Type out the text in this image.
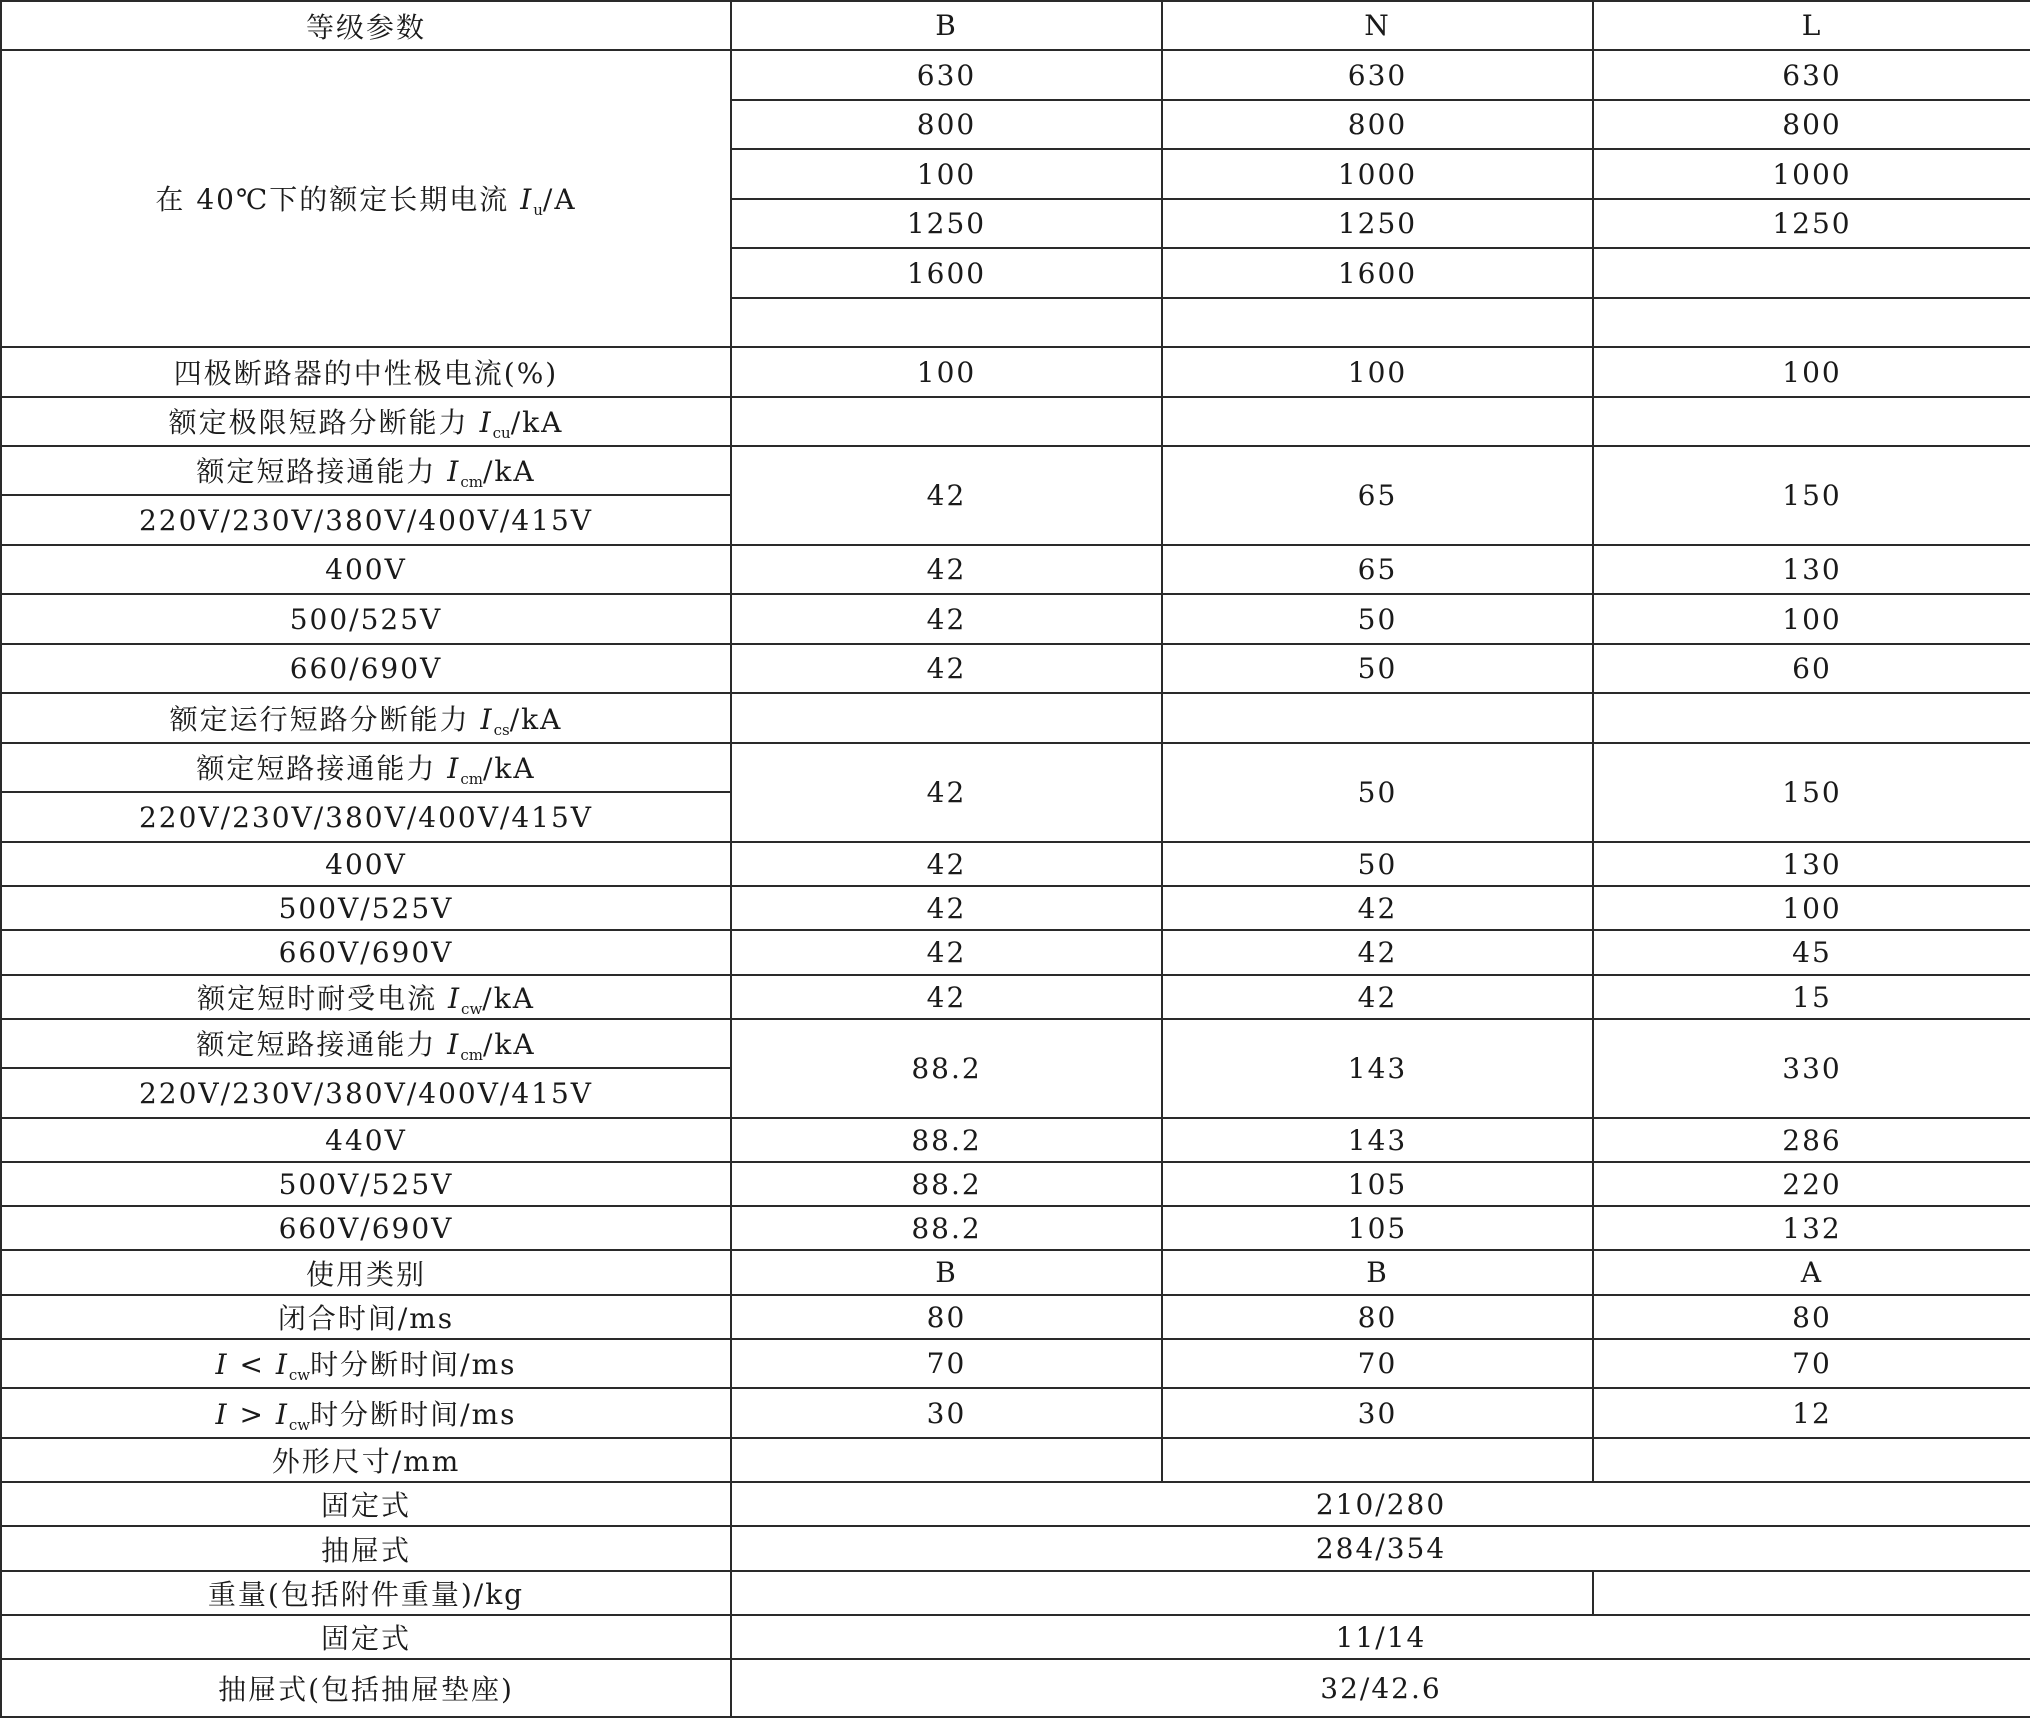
等级参数	B	N	L
在 40℃下的额定长期电流 $I_u/A$	630	630	630
	800	800	800
	100	1000	1000
	1250	1250	1250
	1600	1600	

四极断路器的中性极电流(%)	100	100	100
额定极限短路分断能力 $I_{cu}/kA$			
额定短路接通能力 $I_{cm}/kA$	42	65	150
220V/230V/380V/400V/415V			
400V	42	65	130
500/525V	42	50	100
660/690V	42	50	60
额定运行短路分断能力 $I_{cs}/kA$			
额定短路接通能力 $I_{cm}/kA$	42	50	150
220V/230V/380V/400V/415V			
400V	42	50	130
500V/525V	42	42	100
660V/690V	42	42	45
额定短时耐受电流 $I_{cw}/kA$	42	42	15
额定短路接通能力 $I_{cm}/kA$	88.2	143	330
220V/230V/380V/400V/415V			
440V	88.2	143	286
500V/525V	88.2	105	220
660V/690V	88.2	105	132
使用类别	B	B	A
闭合时间/ms	80	80	80
$I < I_{cw}$时分断时间/ms	70	70	70
$I > I_{cw}$时分断时间/ms	30	30	12
外形尺寸/mm			
固定式	210/280		
抽屉式	284/354		
重量(包括附件重量)/kg			
固定式	11/14		
抽屉式(包括抽屉垫座)	32/42.6		
